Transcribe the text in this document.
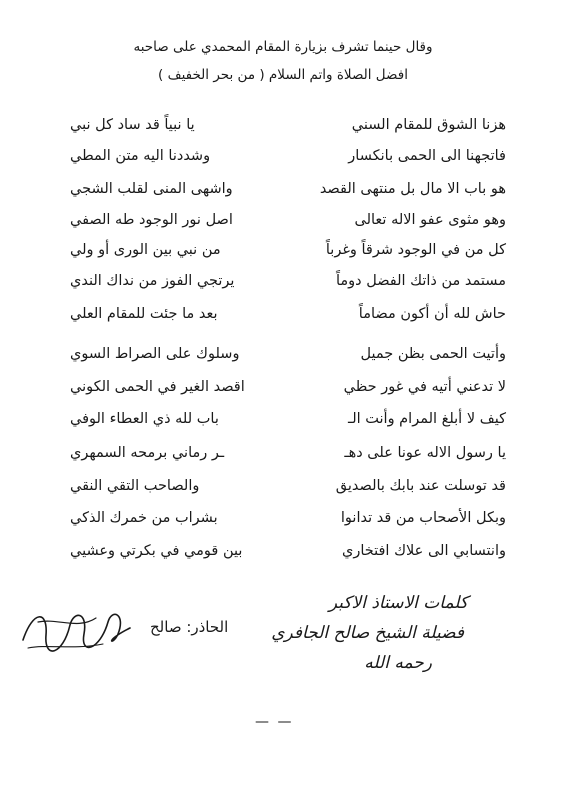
وقال حينما تشرف بزيارة المقام المحمدي على صاحبه
افضل الصلاة واتم السلام ( من بحر الخفيف )
هزنا الشوق للمقام السني
يا نبياً قد ساد كل نبي
فاتجهنا الى الحمى بانكسار
وشددنا اليه متن المطي
هو باب الا مال بل منتهى القصد
واشهى المنى لقلب الشجي
وهو مثوى عفو الاله تعالى
اصل نور الوجود طه الصفي
كل من في الوجود شرقاً وغرباً
من نبي بين الورى أو ولي
مستمد من ذاتك الفضل دوماً
يرتجي الفوز من نداك الندي
حاش لله أن أكون مضاماً
بعد ما جئت للمقام العلي
وأتيت الحمى بظن جميل
وسلوك على الصراط السوي
لا تدعني أتيه في غور حظي
اقصد الغير في الحمى الكوني
كيف لا أبلغ المرام وأنت الـ
باب لله ذي العطاء الوفي
يا رسول الاله عونا على دهـ
ـر رماني برمحه السمهري
قد توسلت عند بابك بالصديق
والصاحب التقي النقي
وبكل الأصحاب من قد تدانوا
بشراب من خمرك الذكي
وانتسابي الى علاك افتخاري
بين قومي في بكرتي وعشيي
كلمات الاستاذ الاكبر
فضيلة الشيخ صالح الجافري
رحمه الله
الحاذر: صالح
— —
